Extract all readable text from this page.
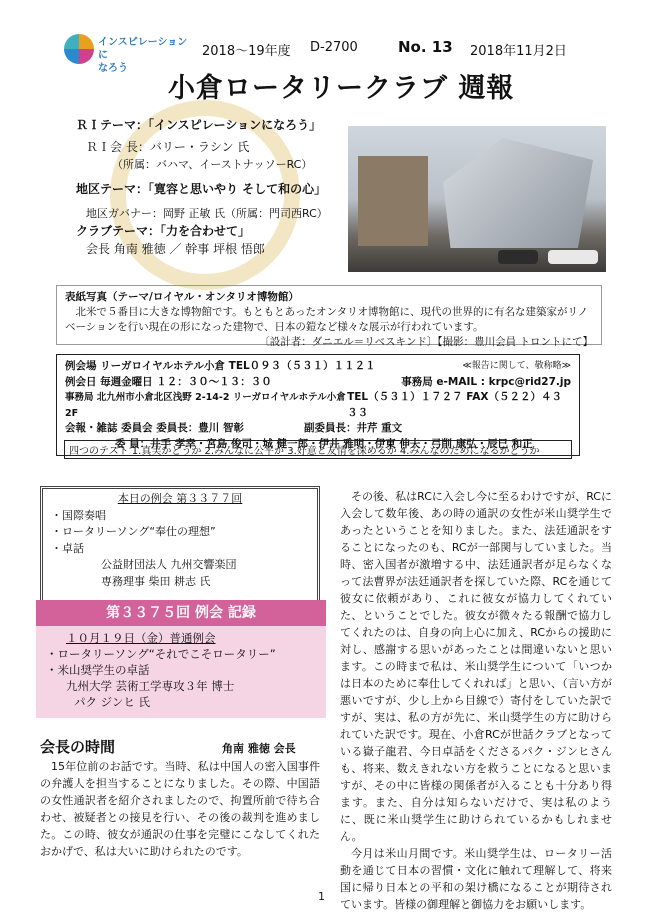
インスピレーションに
なろう
2018～19年度 D-2700	No. 13 2018年11月2日
小倉ロータリークラブ 週報
ＲＩテーマ：「インスピレーションになろう」
ＲＩ会 長：バリー・ラシン 氏
（所属：バハマ、イーストナッソーRC）
地区テーマ：「寛容と思いやり そして和の心」
地区ガバナー：岡野 正敏 氏（所属：門司西RC）
クラブテーマ：「力を合わせて」
会長 角南 雅徳 ／ 幹事 坪根 悟郎
表紙写真（テーマ/ロイヤル・オンタリオ博物館）
北米で５番目に大きな博物館です。もともとあったオンタリオ博物館に、現代の世界的に有名な建築家がリノベーションを行い現在の形になった建物で、日本の鎧など様々な展示が行われています。
〔設計者：ダニエル＝リベスキンド〕【撮影：豊川会員 トロントにて】
例会場 リーガロイヤルホテル小倉 TEL０９３（５３１）１１２１	≪報告に関して、敬称略≫
例会日 毎週金曜日 １２：３０～１３：３０	事務局 e-MAIL : krpc@rid27.jp
事務局 北九州市小倉北区浅野 2-14-2 リーガロイヤルホテル小倉 2F
TEL（５３１）１７２７ FAX（５２２）４３３３
会報・雑誌 委員会 委員長：豊川 智彰	副委員長：井芹 重文
委 員：井手 孝幸・宮島 俊司・城 健一郎・伊井 雅明・伊東 伸夫・弓削 康弘・辰巳 和正
四つのテスト 1.真実かどうか 2.みんなに公平か 3.好意と友情を深めるか 4.みんなのためになるかどうか
本日の例会 第３３７７回
・国際奏唱
・ロータリーソング“奉仕の理想”
・卓話
公益財団法人 九州交響楽団
専務理事 柴田 耕志 氏
第３３７５回 例会 記録
１０月１９日（金）普通例会
・ロータリーソング“それでこそロータリー”
・米山奨学生の卓話
九州大学 芸術工学専攻３年 博士
パク ジンヒ 氏
会長の時間	角南 雅徳 会長

15年位前のお話です。当時、私は中国人の密入国事件の弁護人を担当することになりました。その際、中国語の女性通訳者を紹介されましたので、拘置所前で待ち合わせ、被疑者との接見を行い、その後の裁判を進めました。この時、彼女が通訳の仕事を完璧にこなしてくれたおかげで、私は大いに助けられたのです。

その後、私はRCに入会し今に至るわけですが、RCに入会して数年後、あの時の通訳の女性が米山奨学生であったということを知りました。また、法廷通訳をすることになったのも、RCが一部関与していました。当時、密入国者が激増する中、法廷通訳者が足らなくなって法曹界が法廷通訳者を探していた際、RCを通じて彼女に依頼があり、これに彼女が協力してくれていた、ということでした。彼女が微々たる報酬で協力してくれたのは、自身の向上心に加え、RCからの援助に対し、感謝する思いがあったことは間違いないと思います。この時まで私は、米山奨学生について「いつかは日本のために奉仕してくれれば」と思い、（言い方が悪いですが、少し上から目線で）寄付をしていた訳ですが、実は、私の方が先に、米山奨学生の方に助けられていた訳です。現在、小倉RCが世話クラブとなっている嶽子龍君、今日卓話をくださるパク・ジンヒさんも、将来、数えきれない方を救うことになると思いますが、その中に皆様の関係者が入ることも十分あり得ます。また、自分は知らないだけで、実は私のように、既に米山奨学生に助けられているかもしれません。

今月は米山月間です。米山奨学生は、ロータリー活動を通じて日本の習慣・文化に触れて理解して、将来国に帰り日本との平和の架け橋になることが期待されています。皆様の御理解と御協力をお願いします。

1
